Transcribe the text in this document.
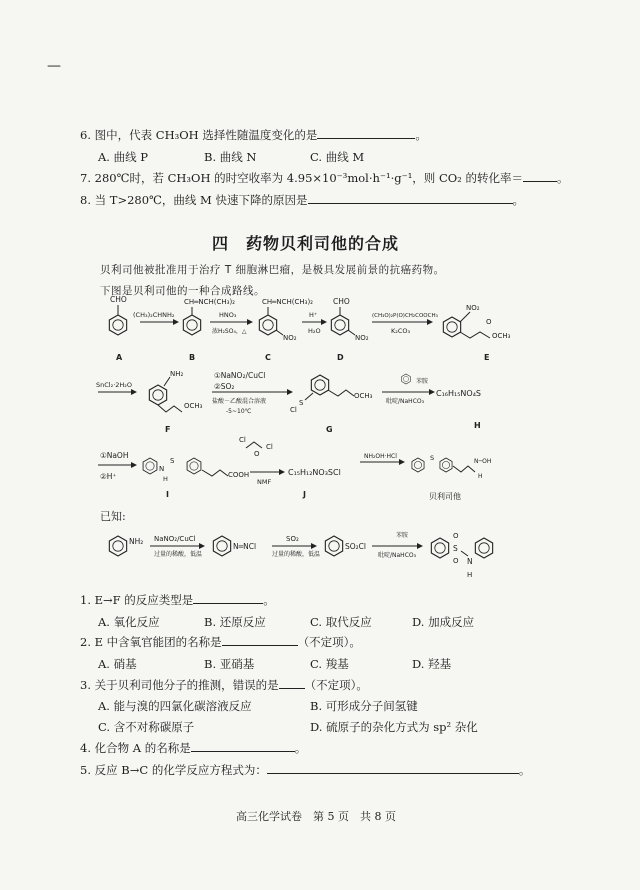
—
6. 图中，代表 CH₃OH 选择性随温度变化的是	。
A. 曲线 P	B. 曲线 N	C. 曲线 M
7. 280℃时，若 CH₃OH 的时空收率为 4.95×10⁻³mol·h⁻¹·g⁻¹，则 CO₂ 的转化率＝	。
8. 当 T>280℃，曲线 M 快速下降的原因是	。
四　药物贝利司他的合成
贝利司他被批准用于治疗 T 细胞淋巴瘤，是极具发展前景的抗癌药物。
下图是贝利司他的一种合成路线。
CHO
A
(CH₃)₂CHNH₂
CH═NCH(CH₃)₂
B
HNO₃
浓H₂SO₄，△
CH═NCH(CH₃)₂
NO₂
C
H⁺
H₂O
CHO
NO₂
D
(CH₃O)₂P(O)CH₂COOCH₃
K₂CO₃
NO₂
O
OCH₃
E
SnCl₂·2H₂O
NH₂
OCH₃
F
①NaNO₂/CuCl
②SO₂
盐酸－乙酸混合溶液
-5~10℃
S
Cl
OCH₃
G
苯胺
吡啶/NaHCO₃
C₁₆H₁₅NO₄S
H
①NaOH
②H⁺
N
H
S
COOH
I
Cl
O
Cl
NMF
C₁₅H₁₂NO₃SCl
J
NH₂OH·HCl	S	N─OH
H
贝利司他
NH₂ NaNO₂/CuCl
过量的稀酸，低温
N═NCl
SO₂
过量的稀酸，低温
SO₂Cl
苯胺
吡啶/NaHCO₃
S
O
O N
H
已知:
1. E→F 的反应类型是	。
A. 氧化反应	B. 还原反应	C. 取代反应	D. 加成反应
2. E 中含氧官能团的名称是	（不定项）。
A. 硝基	B. 亚硝基	C. 羧基	D. 羟基
3. 关于贝利司他分子的推测，错误的是 （不定项）。
A. 能与溴的四氯化碳溶液反应	B. 可形成分子间氢键
C. 含不对称碳原子	D. 硫原子的杂化方式为 sp² 杂化
4. 化合物 A 的名称是	。
5. 反应 B→C 的化学反应方程式为：	。
高三化学试卷　第 5 页　共 8 页
